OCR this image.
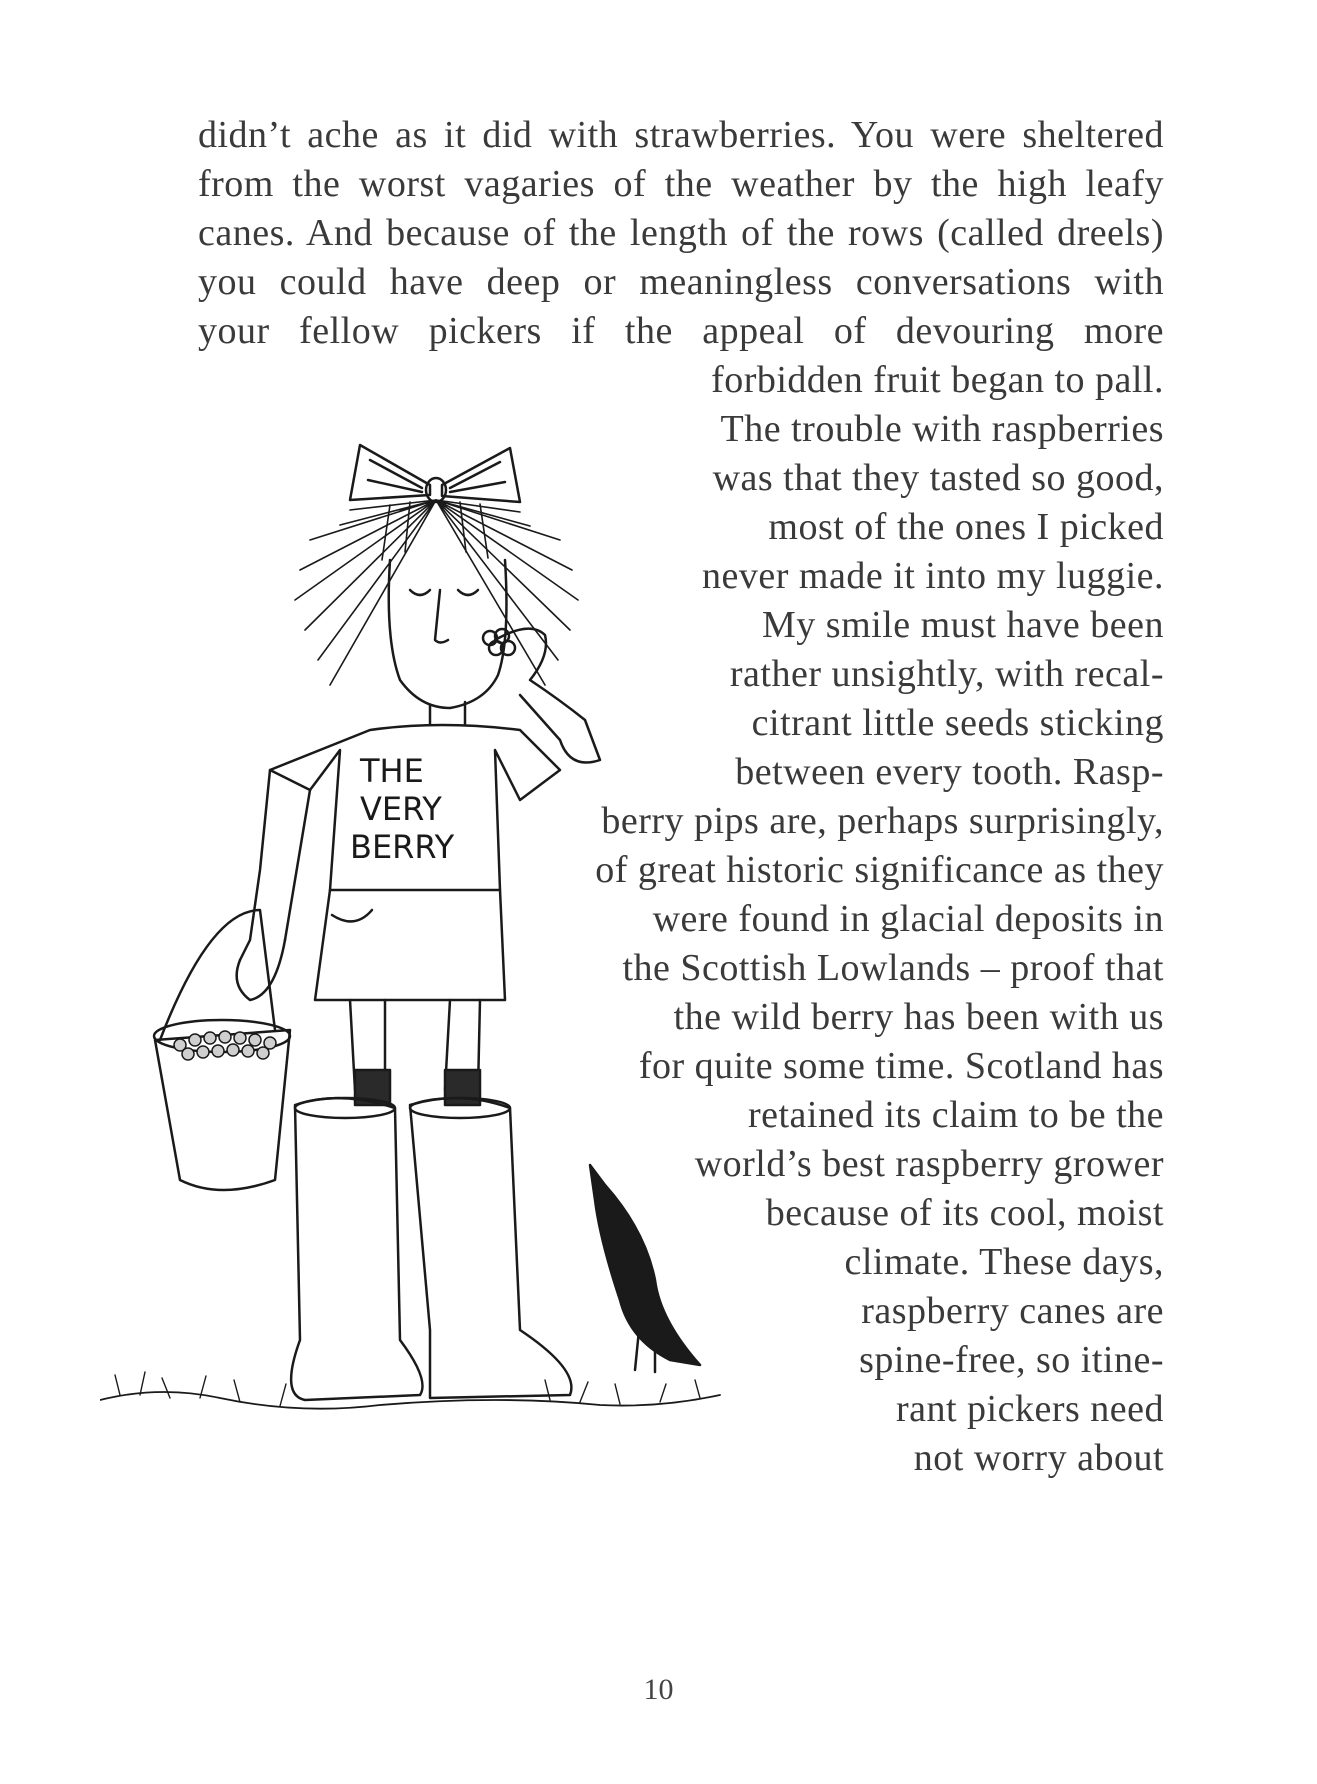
didn’t ache as it did with strawberries. You were sheltered

from the worst vagaries of the weather by the high leafy

canes. And because of the length of the rows (called dreels)

you could have deep or meaningless conversations with

your fellow pickers if the appeal of devouring more

forbidden fruit began to pall.

The trouble with raspberries

was that they tasted so good,

most of the ones I picked

never made it into my luggie.

My smile must have been

rather unsightly, with recal-

citrant little seeds sticking

between every tooth. Rasp-

berry pips are, perhaps surprisingly,

of great historic significance as they

were found in glacial deposits in

the Scottish Lowlands – proof that

the wild berry has been with us

for quite some time. Scotland has

retained its claim to be the

world’s best raspberry grower

because of its cool, moist

climate. These days,

raspberry canes are

spine-free, so itine-

rant pickers need

not worry about

THE
VERY
BERRY

10
